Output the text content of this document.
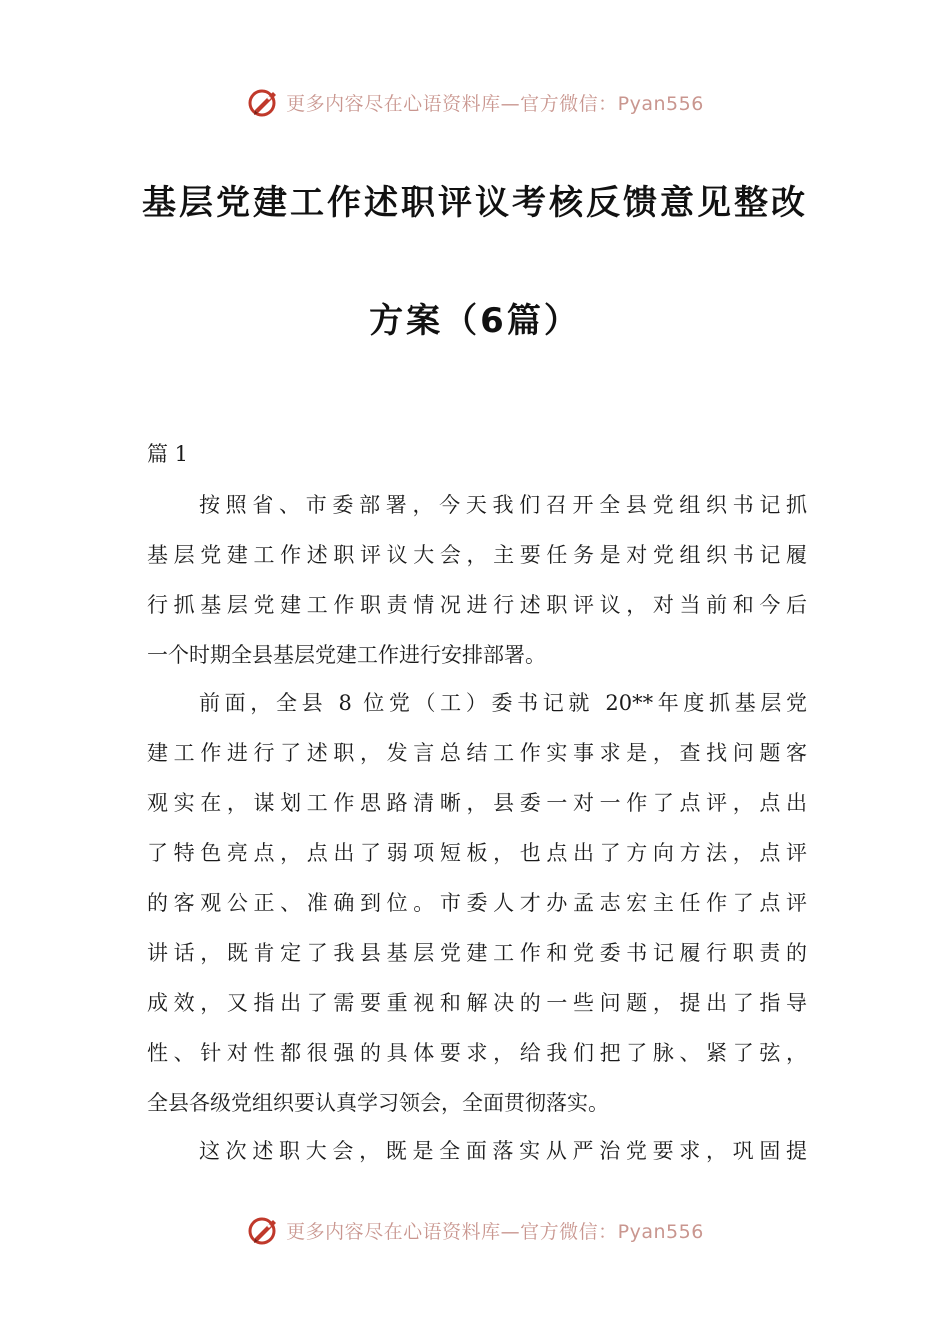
更多内容尽在心语资料库—官方微信：Pyan556
基层党建工作述职评议考核反馈意见整改
方案（6篇）
篇 1
按照省、市委部署，今天我们召开全县党组织书记抓
基层党建工作述职评议大会，主要任务是对党组织书记履
行抓基层党建工作职责情况进行述职评议，对当前和今后
一个时期全县基层党建工作进行安排部署。
前面，全县 8 位党（工）委书记就 20**年度抓基层党
建工作进行了述职，发言总结工作实事求是，查找问题客
观实在，谋划工作思路清晰，县委一对一作了点评，点出
了特色亮点，点出了弱项短板，也点出了方向方法，点评
的客观公正、准确到位。市委人才办孟志宏主任作了点评
讲话，既肯定了我县基层党建工作和党委书记履行职责的
成效，又指出了需要重视和解决的一些问题，提出了指导
性、针对性都很强的具体要求，给我们把了脉、紧了弦，
全县各级党组织要认真学习领会，全面贯彻落实。
这次述职大会，既是全面落实从严治党要求，巩固提
更多内容尽在心语资料库—官方微信：Pyan556
